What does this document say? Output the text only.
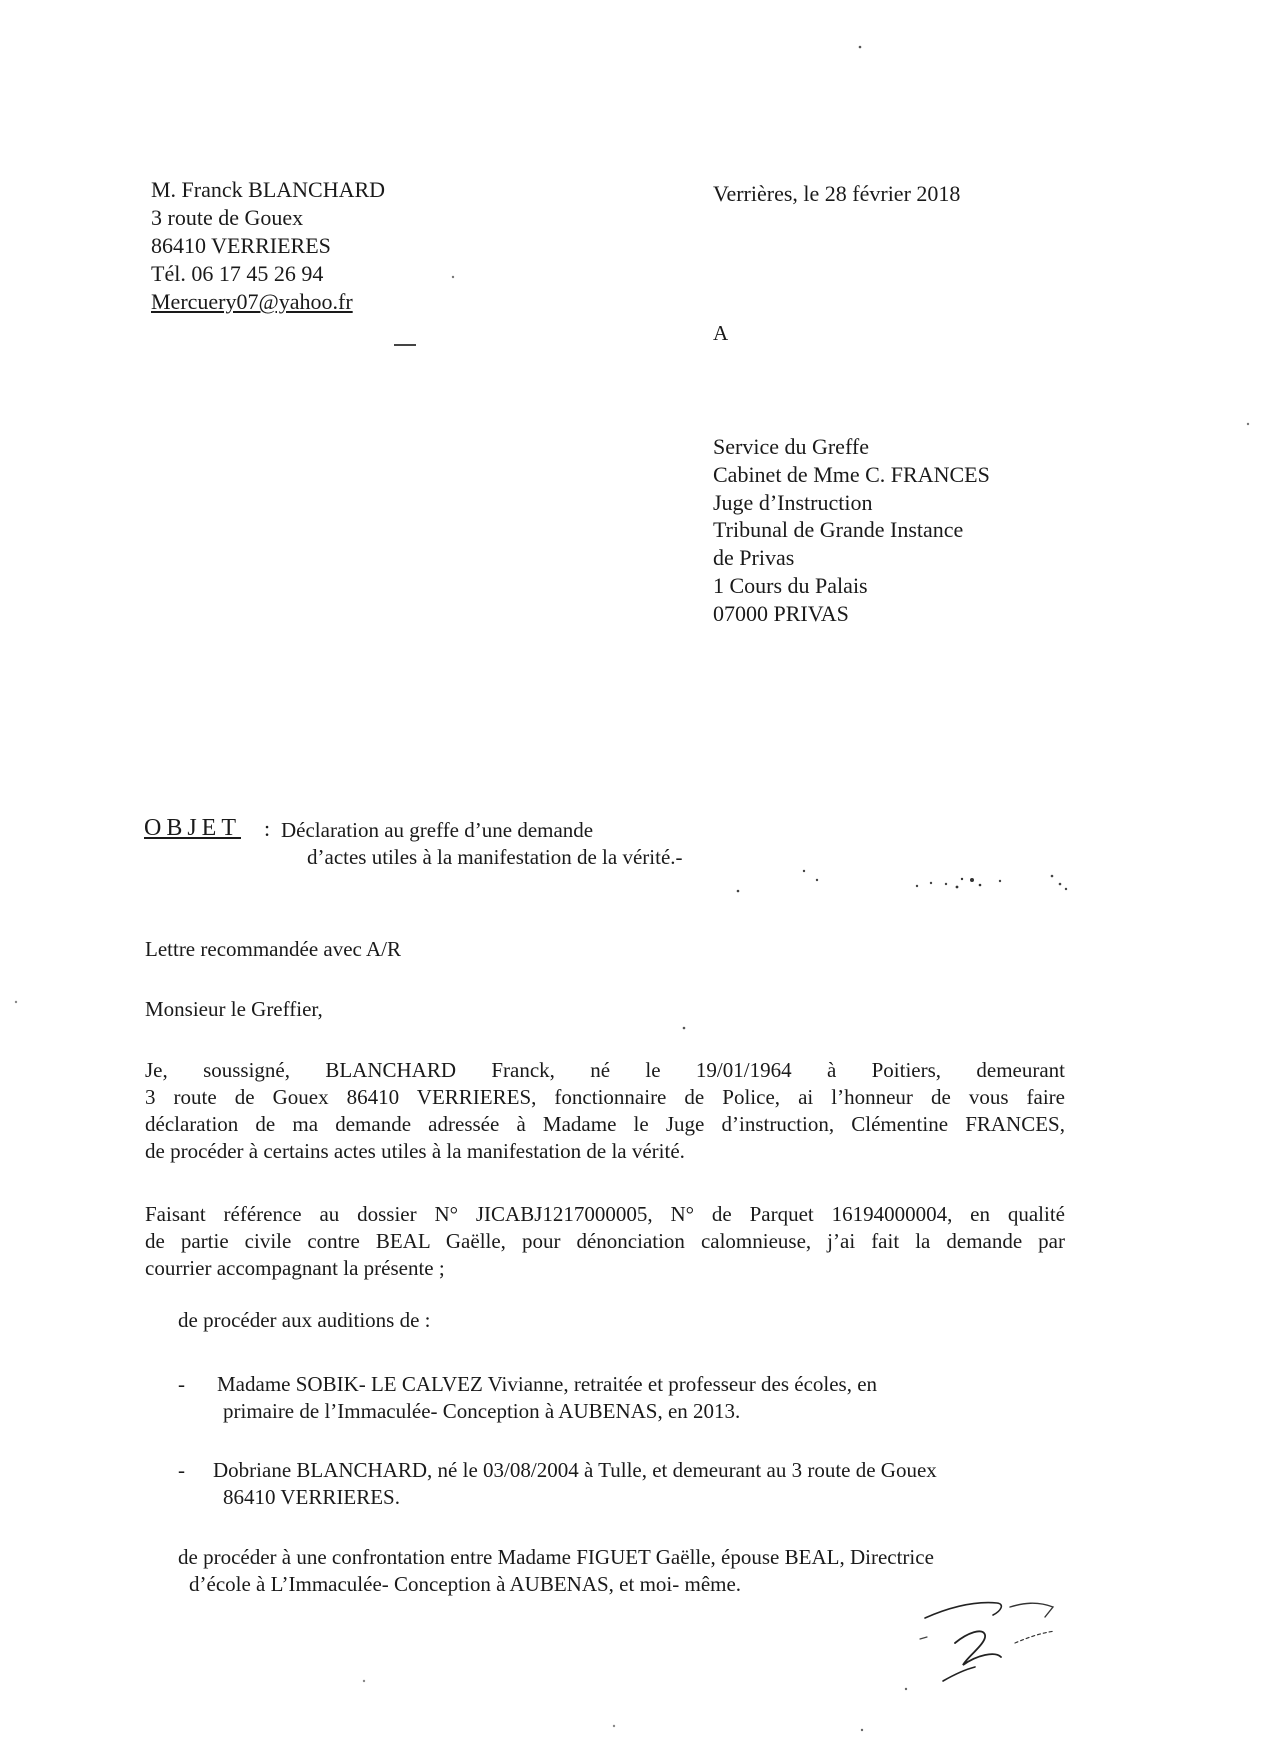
M. Franck BLANCHARD
3 route de Gouex
86410 VERRIERES
Tél. 06 17 45 26 94
Mercuery07@yahoo.fr
Verrières, le 28 février 2018
A
Service du Greffe
Cabinet de Mme C. FRANCES
Juge d’Instruction
Tribunal de Grande Instance
de Privas
1 Cours du Palais
07000 PRIVAS
OBJET : Déclaration au greffe d’une demande
d’actes utiles à la manifestation de la vérité.-
Lettre recommandée avec A/R
Monsieur le Greffier,
Je, soussigné, BLANCHARD Franck, né le 19/01/1964 à Poitiers, demeurant
3 route de Gouex 86410 VERRIERES, fonctionnaire de Police, ai l’honneur de vous faire
déclaration de ma demande adressée à Madame le Juge d’instruction, Clémentine FRANCES,
de procéder à certains actes utiles à la manifestation de la vérité.
Faisant référence au dossier N° JICABJ1217000005, N° de Parquet 16194000004, en qualité
de partie civile contre BEAL Gaëlle, pour dénonciation calomnieuse, j’ai fait la demande par
courrier accompagnant la présente ;
de procéder aux auditions de :
- Madame SOBIK- LE CALVEZ Vivianne, retraitée et professeur des écoles, en
primaire de l’Immaculée- Conception à AUBENAS, en 2013.
- Dobriane BLANCHARD, né le 03/08/2004 à Tulle, et demeurant au 3 route de Gouex
86410 VERRIERES.
de procéder à une confrontation entre Madame FIGUET Gaëlle, épouse BEAL, Directrice
d’école à L’Immaculée- Conception à AUBENAS, et moi- même.
